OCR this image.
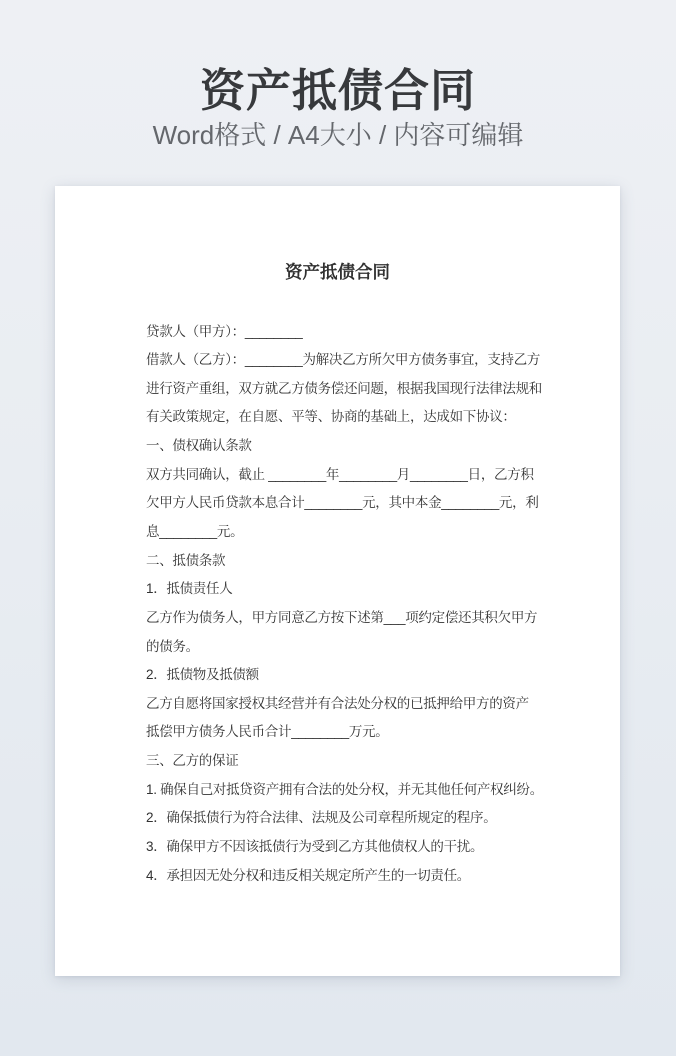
资产抵债合同
Word格式 / A4大小 / 内容可编辑
资产抵债合同
贷款人（甲方）：________
借款人（乙方）：________为解决乙方所欠甲方债务事宜，支持乙方
进行资产重组，双方就乙方债务偿还问题，根据我国现行法律法规和
有关政策规定，在自愿、平等、协商的基础上，达成如下协议：
一、债权确认条款
双方共同确认，截止 ________年________月________日，乙方积
欠甲方人民币贷款本息合计________元，其中本金________元，利
息________元。
二、抵债条款
1．抵债责任人
乙方作为债务人，甲方同意乙方按下述第___项约定偿还其积欠甲方
的债务。
2．抵债物及抵债额
乙方自愿将国家授权其经营并有合法处分权的已抵押给甲方的资产
抵偿甲方债务人民币合计________万元。
三、乙方的保证
1. 确保自己对抵贷资产拥有合法的处分权，并无其他任何产权纠纷。
2．确保抵债行为符合法律、法规及公司章程所规定的程序。
3．确保甲方不因该抵债行为受到乙方其他债权人的干扰。
4．承担因无处分权和违反相关规定所产生的一切责任。
